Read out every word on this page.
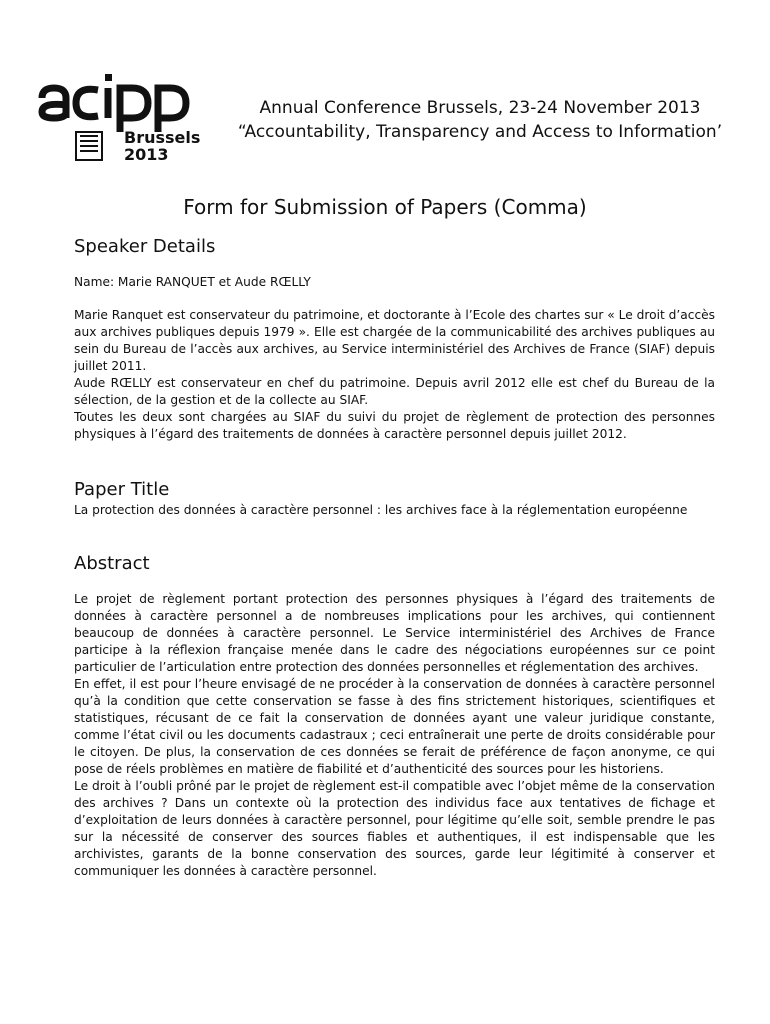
Brussels
2013
Annual Conference Brussels, 23-24 November 2013
“Accountability, Transparency and Access to Information’
Form for Submission of Papers (Comma)
Speaker Details
Name: Marie RANQUET et Aude RŒLLY

Marie Ranquet est conservateur du patrimoine, et doctorante à l’Ecole des chartes sur « Le droit d’accès aux archives publiques depuis 1979 ». Elle est chargée de la communicabilité des archives publiques au sein du Bureau de l’accès aux archives, au Service interministériel des Archives de France (SIAF) depuis juillet 2011.

Aude RŒLLY est conservateur en chef du patrimoine. Depuis avril 2012 elle est chef du Bureau de la sélection, de la gestion et de la collecte au SIAF.

Toutes les deux sont chargées au SIAF du suivi du projet de règlement de protection des personnes physiques à l’égard des traitements de données à caractère personnel depuis juillet 2012.

Paper Title

La protection des données à caractère personnel : les archives face à la réglementation européenne

Abstract

Le projet de règlement portant protection des personnes physiques à l’égard des traitements de données à caractère personnel a de nombreuses implications pour les archives, qui contiennent beaucoup de données à caractère personnel. Le Service interministériel des Archives de France participe à la réflexion française menée dans le cadre des négociations européennes sur ce point particulier de l’articulation entre protection des données personnelles et réglementation des archives.

En effet, il est pour l’heure envisagé de ne procéder à la conservation de données à caractère personnel qu’à la condition que cette conservation se fasse à des fins strictement historiques, scientifiques et statistiques, récusant de ce fait la conservation de données ayant une valeur juridique constante, comme l’état civil ou les documents cadastraux ; ceci entraînerait une perte de droits considérable pour le citoyen. De plus, la conservation de ces données se ferait de préférence de façon anonyme, ce qui pose de réels problèmes en matière de fiabilité et d’authenticité des sources pour les historiens.

Le droit à l’oubli prôné par le projet de règlement est-il compatible avec l’objet même de la conservation des archives ? Dans un contexte où la protection des individus face aux tentatives de fichage et d’exploitation de leurs données à caractère personnel, pour légitime qu’elle soit, semble prendre le pas sur la nécessité de conserver des sources fiables et authentiques, il est indispensable que les archivistes, garants de la bonne conservation des sources, garde leur légitimité à conserver et communiquer les données à caractère personnel.
